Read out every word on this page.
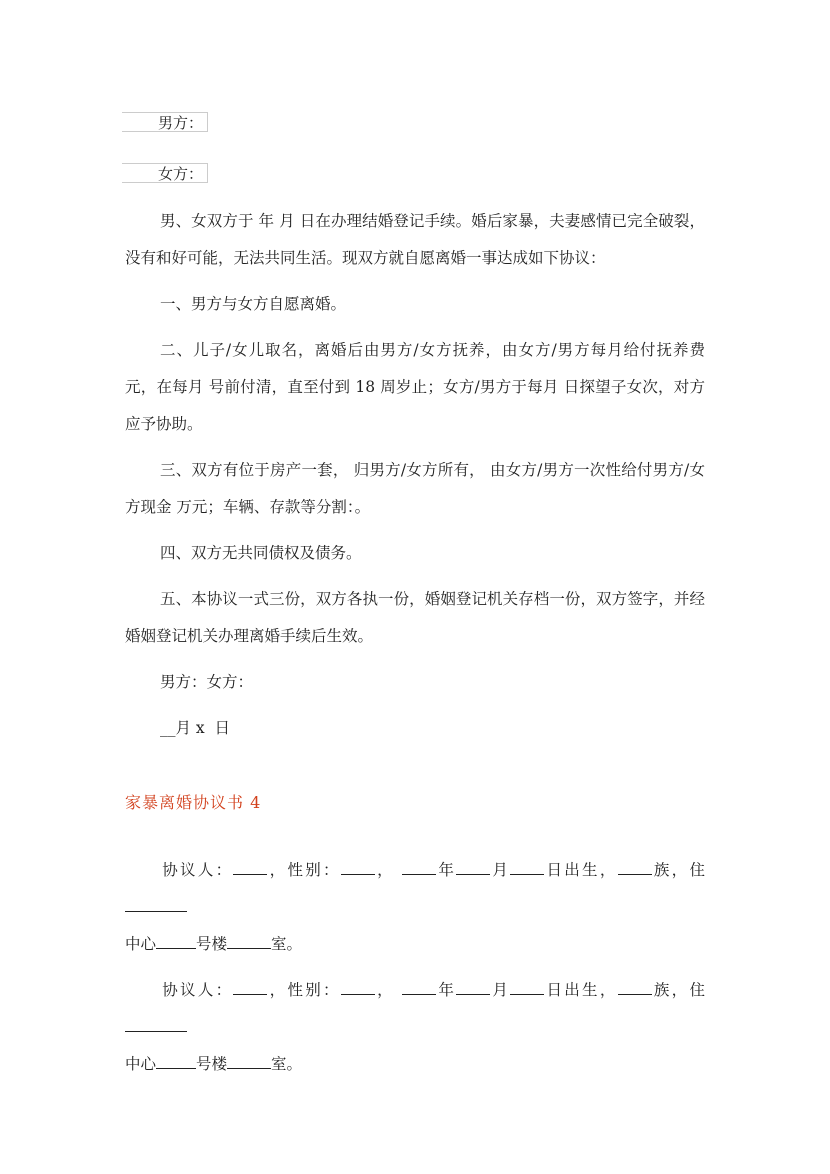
男方：
女方：
男、女双方于 年 月 日在办理结婚登记手续。婚后家暴，夫妻感情已完全破裂，没有和好可能，无法共同生活。现双方就自愿离婚一事达成如下协议：
一、男方与女方自愿离婚。
二、儿子/女儿取名，离婚后由男方/女方抚养，由女方/男方每月给付抚养费 元，在每月 号前付清，直至付到 18 周岁止；女方/男方于每月 日探望子女次，对方应予协助。
三、双方有位于房产一套， 归男方/女方所有， 由女方/男方一次性给付男方/女方现金 万元；车辆、存款等分割：。
四、双方无共同债权及债务。
五、本协议一式三份，双方各执一份，婚姻登记机关存档一份，双方签字，并经婚姻登记机关办理离婚手续后生效。
男方：女方：
__月 x  日
家暴离婚协议书 4
协议人： ，性别： ，	年 月 日出生， 族，住
中心	号楼	室。
协议人： ，性别： ，	年 月 日出生， 族，住
中心	号楼	室。
